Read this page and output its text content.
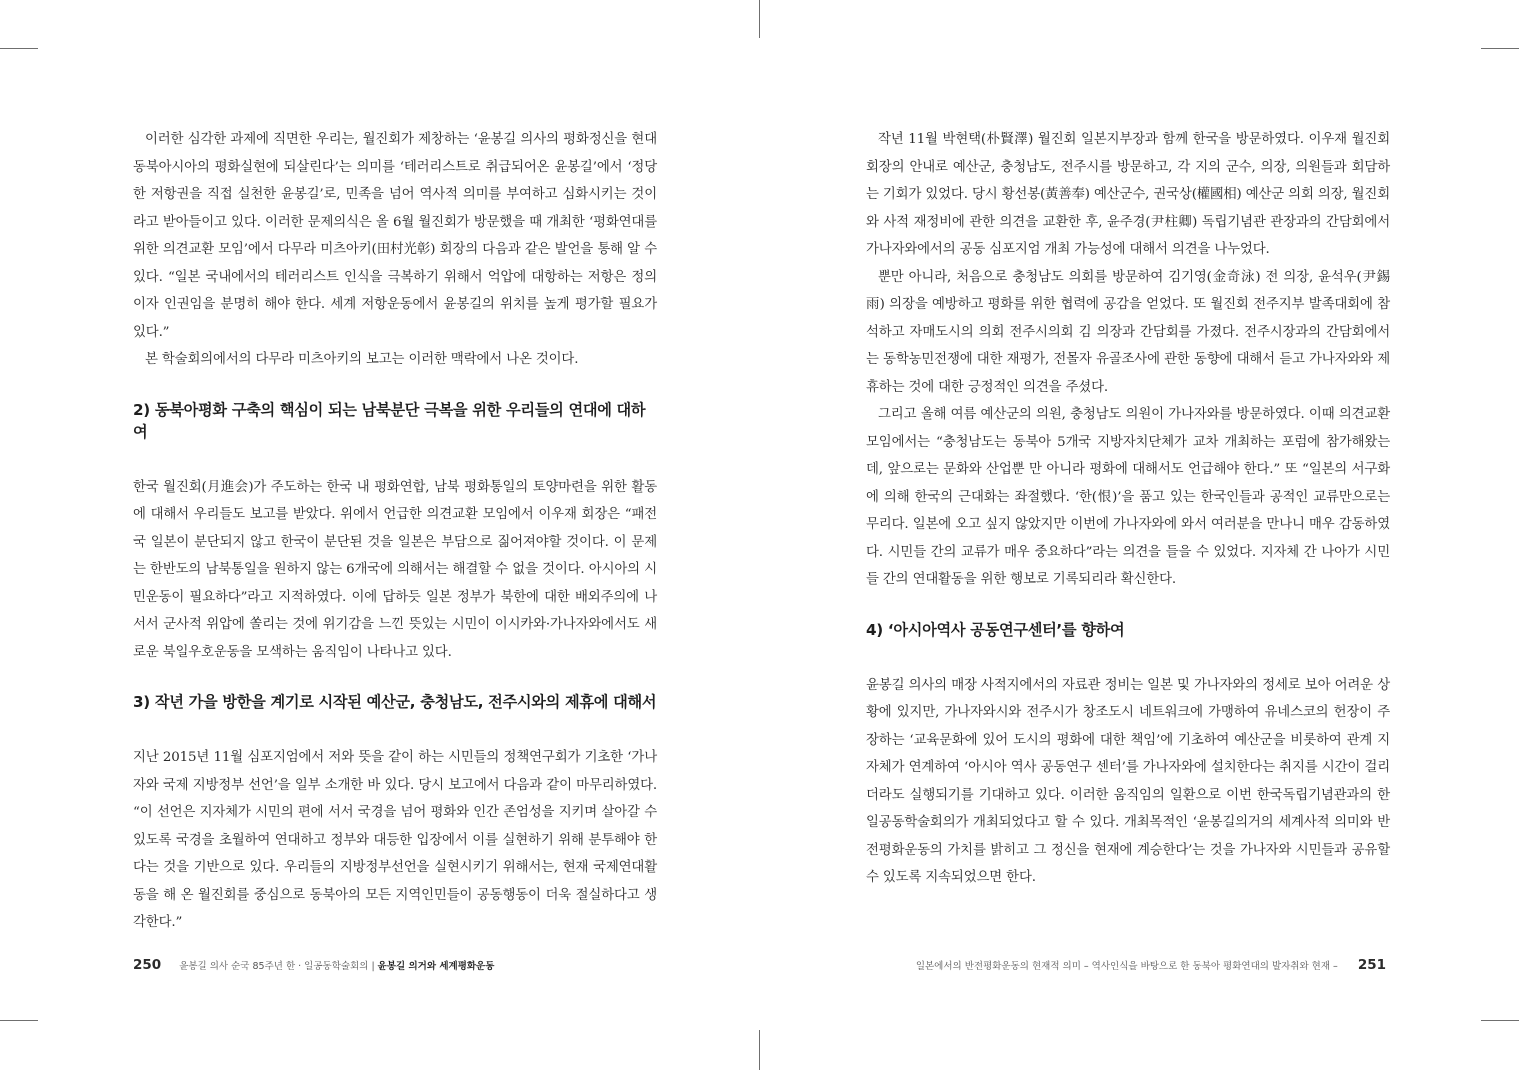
이러한 심각한 과제에 직면한 우리는, 월진회가 제창하는 ‘윤봉길 의사의 평화정신을 현대 동북아시아의 평화실현에 되살린다’는 의미를 ‘테러리스트로 취급되어온 윤봉길’에서 ‘정당한 저항권을 직접 실천한 윤봉길’로, 민족을 넘어 역사적 의미를 부여하고 심화시키는 것이라고 받아들이고 있다. 이러한 문제의식은 올 6월 월진회가 방문했을 때 개최한 ‘평화연대를 위한 의견교환 모임’에서 다무라 미츠아키(田村光彰) 회장의 다음과 같은 발언을 통해 알 수 있다. “일본 국내에서의 테러리스트 인식을 극복하기 위해서 억압에 대항하는 저항은 정의이자 인권임을 분명히 해야 한다. 세계 저항운동에서 윤봉길의 위치를 높게 평가할 필요가 있다.”

본 학술회의에서의 다무라 미츠아키의 보고는 이러한 맥락에서 나온 것이다.

2) 동북아평화 구축의 핵심이 되는 남북분단 극복을 위한 우리들의 연대에 대하여

한국 월진회(月進会)가 주도하는 한국 내 평화연합, 남북 평화통일의 토양마련을 위한 활동에 대해서 우리들도 보고를 받았다. 위에서 언급한 의견교환 모임에서 이우재 회장은 “패전국 일본이 분단되지 않고 한국이 분단된 것을 일본은 부담으로 짊어져야할 것이다. 이 문제는 한반도의 남북통일을 원하지 않는 6개국에 의해서는 해결할 수 없을 것이다. 아시아의 시민운동이 필요하다”라고 지적하였다. 이에 답하듯 일본 정부가 북한에 대한 배외주의에 나서서 군사적 위압에 쏠리는 것에 위기감을 느낀 뜻있는 시민이 이시카와·가나자와에서도 새로운 북일우호운동을 모색하는 움직임이 나타나고 있다.

3) 작년 가을 방한을 계기로 시작된 예산군, 충청남도, 전주시와의 제휴에 대해서

지난 2015년 11월 심포지엄에서 저와 뜻을 같이 하는 시민들의 정책연구회가 기초한 ‘가나자와 국제 지방정부 선언’을 일부 소개한 바 있다. 당시 보고에서 다음과 같이 마무리하였다. “이 선언은 지자체가 시민의 편에 서서 국경을 넘어 평화와 인간 존엄성을 지키며 살아갈 수 있도록 국경을 초월하여 연대하고 정부와 대등한 입장에서 이를 실현하기 위해 분투해야 한다는 것을 기반으로 있다. 우리들의 지방정부선언을 실현시키기 위해서는, 현재 국제연대활동을 해 온 월진회를 중심으로 동북아의 모든 지역인민들이 공동행동이 더욱 절실하다고 생각한다.”

작년 11월 박현택(朴賢澤) 월진회 일본지부장과 함께 한국을 방문하였다. 이우재 월진회 회장의 안내로 예산군, 충청남도, 전주시를 방문하고, 각 지의 군수, 의장, 의원들과 회담하는 기회가 있었다. 당시 황선봉(黃善奉) 예산군수, 권국상(權國相) 예산군 의회 의장, 월진회와 사적 재정비에 관한 의견을 교환한 후, 윤주경(尹柱卿) 독립기념관 관장과의 간담회에서 가나자와에서의 공동 심포지엄 개최 가능성에 대해서 의견을 나누었다.

뿐만 아니라, 처음으로 충청남도 의회를 방문하여 김기영(金奇泳) 전 의장, 윤석우(尹錫雨) 의장을 예방하고 평화를 위한 협력에 공감을 얻었다. 또 월진회 전주지부 발족대회에 참석하고 자매도시의 의회 전주시의회 김 의장과 간담회를 가졌다. 전주시장과의 간담회에서는 동학농민전쟁에 대한 재평가, 전몰자 유골조사에 관한 동향에 대해서 듣고 가나자와와 제휴하는 것에 대한 긍정적인 의견을 주셨다.

그리고 올해 여름 예산군의 의원, 충청남도 의원이 가나자와를 방문하였다. 이때 의견교환모임에서는 “충청남도는 동북아 5개국 지방자치단체가 교차 개최하는 포럼에 참가해왔는데, 앞으로는 문화와 산업뿐 만 아니라 평화에 대해서도 언급해야 한다.” 또 “일본의 서구화에 의해 한국의 근대화는 좌절했다. ‘한(恨)’을 품고 있는 한국인들과 공적인 교류만으로는 무리다. 일본에 오고 싶지 않았지만 이번에 가나자와에 와서 여러분을 만나니 매우 감동하였다. 시민들 간의 교류가 매우 중요하다”라는 의견을 들을 수 있었다. 지자체 간 나아가 시민들 간의 연대활동을 위한 행보로 기록되리라 확신한다.

4) ‘아시아역사 공동연구센터’를 향하여

윤봉길 의사의 매장 사적지에서의 자료관 정비는 일본 및 가나자와의 정세로 보아 어려운 상황에 있지만, 가나자와시와 전주시가 창조도시 네트워크에 가맹하여 유네스코의 헌장이 주장하는 ‘교육문화에 있어 도시의 평화에 대한 책임’에 기초하여 예산군을 비롯하여 관계 지자체가 연계하여 ‘아시아 역사 공동연구 센터’를 가나자와에 설치한다는 취지를 시간이 걸리더라도 실행되기를 기대하고 있다. 이러한 움직임의 일환으로 이번 한국독립기념관과의 한일공동학술회의가 개최되었다고 할 수 있다. 개최목적인 ‘윤봉길의거의 세계사적 의미와 반전평화운동의 가치를 밝히고 그 정신을 현재에 계승한다’는 것을 가나자와 시민들과 공유할 수 있도록 지속되었으면 한다.

250 윤봉길 의사 순국 85주년 한 · 일공동학술회의 | 윤봉길 의거와 세계평화운동	일본에서의 반전평화운동의 현재적 의미 – 역사인식을 바탕으로 한 동북아 평화연대의 발자취와 현재 – 251
